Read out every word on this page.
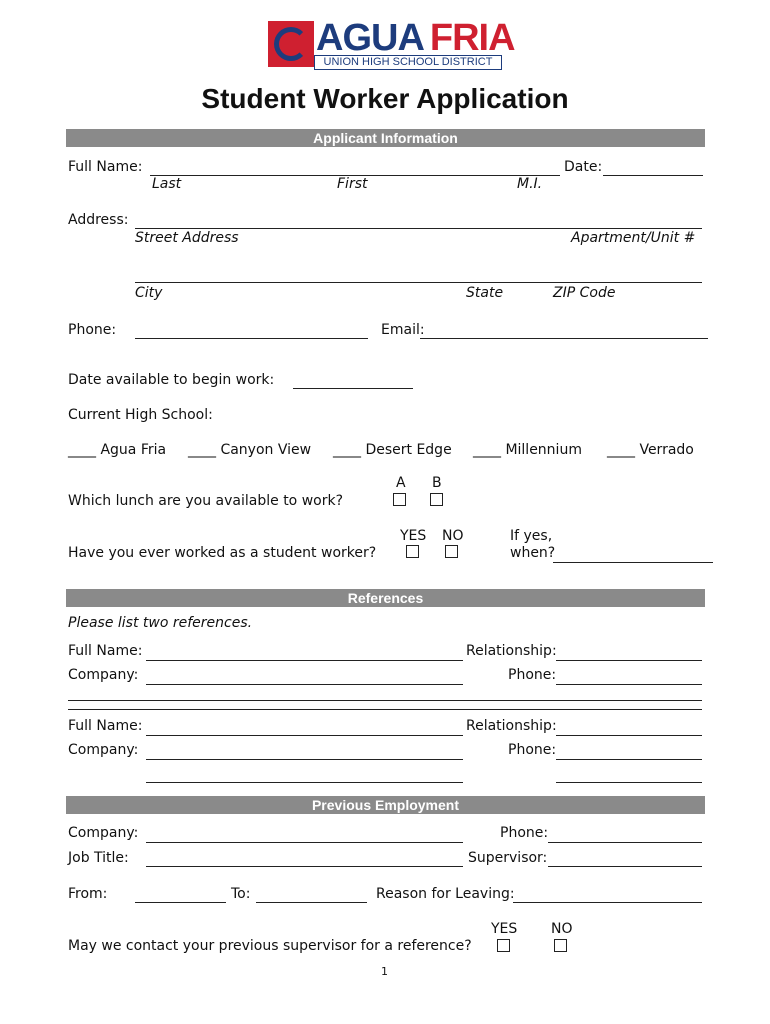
AGUA FRIA
UNION HIGH SCHOOL DISTRICT
Student Worker Application
Applicant Information
Full Name:	Date:
Last	First	M.I.
Address:
Street Address	Apartment/Unit #
City	State	ZIP Code
Phone:	Email:
Date available to begin work:
Current High School:
____ Agua Fria ____ Canyon View ____ Desert Edge ____ Millennium ____ Verrado
A B
Which lunch are you available to work?
YES NO	If yes,
Have you ever worked as a student worker?	when?
References
Please list two references.
Full Name:	Relationship:
Company:	Phone:
Full Name:	Relationship:
Company:	Phone:
Previous Employment
Company:	Phone:
Job Title:	Supervisor:
From:	To:	Reason for Leaving:
YES NO
May we contact your previous supervisor for a reference?
1
